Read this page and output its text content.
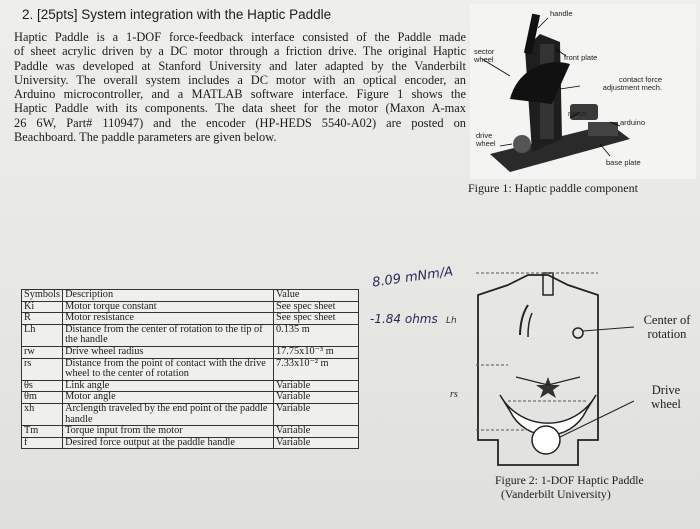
2. [25pts] System integration with the Haptic Paddle
Haptic Paddle is a 1-DOF force-feedback interface consisted of the Paddle made
of sheet acrylic driven by a DC motor through a friction drive. The original Haptic
Paddle was developed at Stanford University and later adapted by the Vanderbilt
University. The overall system includes a DC motor with an optical encoder, an
Arduino microcontroller, and a MATLAB software interface. Figure 1 shows the
Haptic Paddle with its components. The data sheet for the motor (Maxon A-max
26 6W, Part# 110947) and the encoder (HP-HEDS 5540-A02) are posted on
Beachboard. The paddle parameters are given below.
handle
sector wheel	front plate
contact force adjustment mech.
motor
arduino
drive wheel
base plate
Figure 1: Haptic paddle component
Symbols	Description	Value
Ki	Motor torque constant	See spec sheet
R	Motor resistance	See spec sheet
Lh	Distance from the center of rotation to the tip of the handle	0.135 m
rw	Drive wheel radius	17.75x10⁻³ m
rs	Distance from the point of contact with the drive wheel to the center of rotation	7.33x10⁻² m
θs	Link angle	Variable
θm	Motor angle	Variable
xh	Arclength traveled by the end point of the paddle handle	Variable
Tm	Torque input from the motor	Variable
f	Desired force output at the paddle handle	Variable
8.09 mNm/A
-1.84 ohms Lh	Center of rotation
Drive wheel
rs
Figure 2: 1-DOF Haptic Paddle
(Vanderbilt University)
